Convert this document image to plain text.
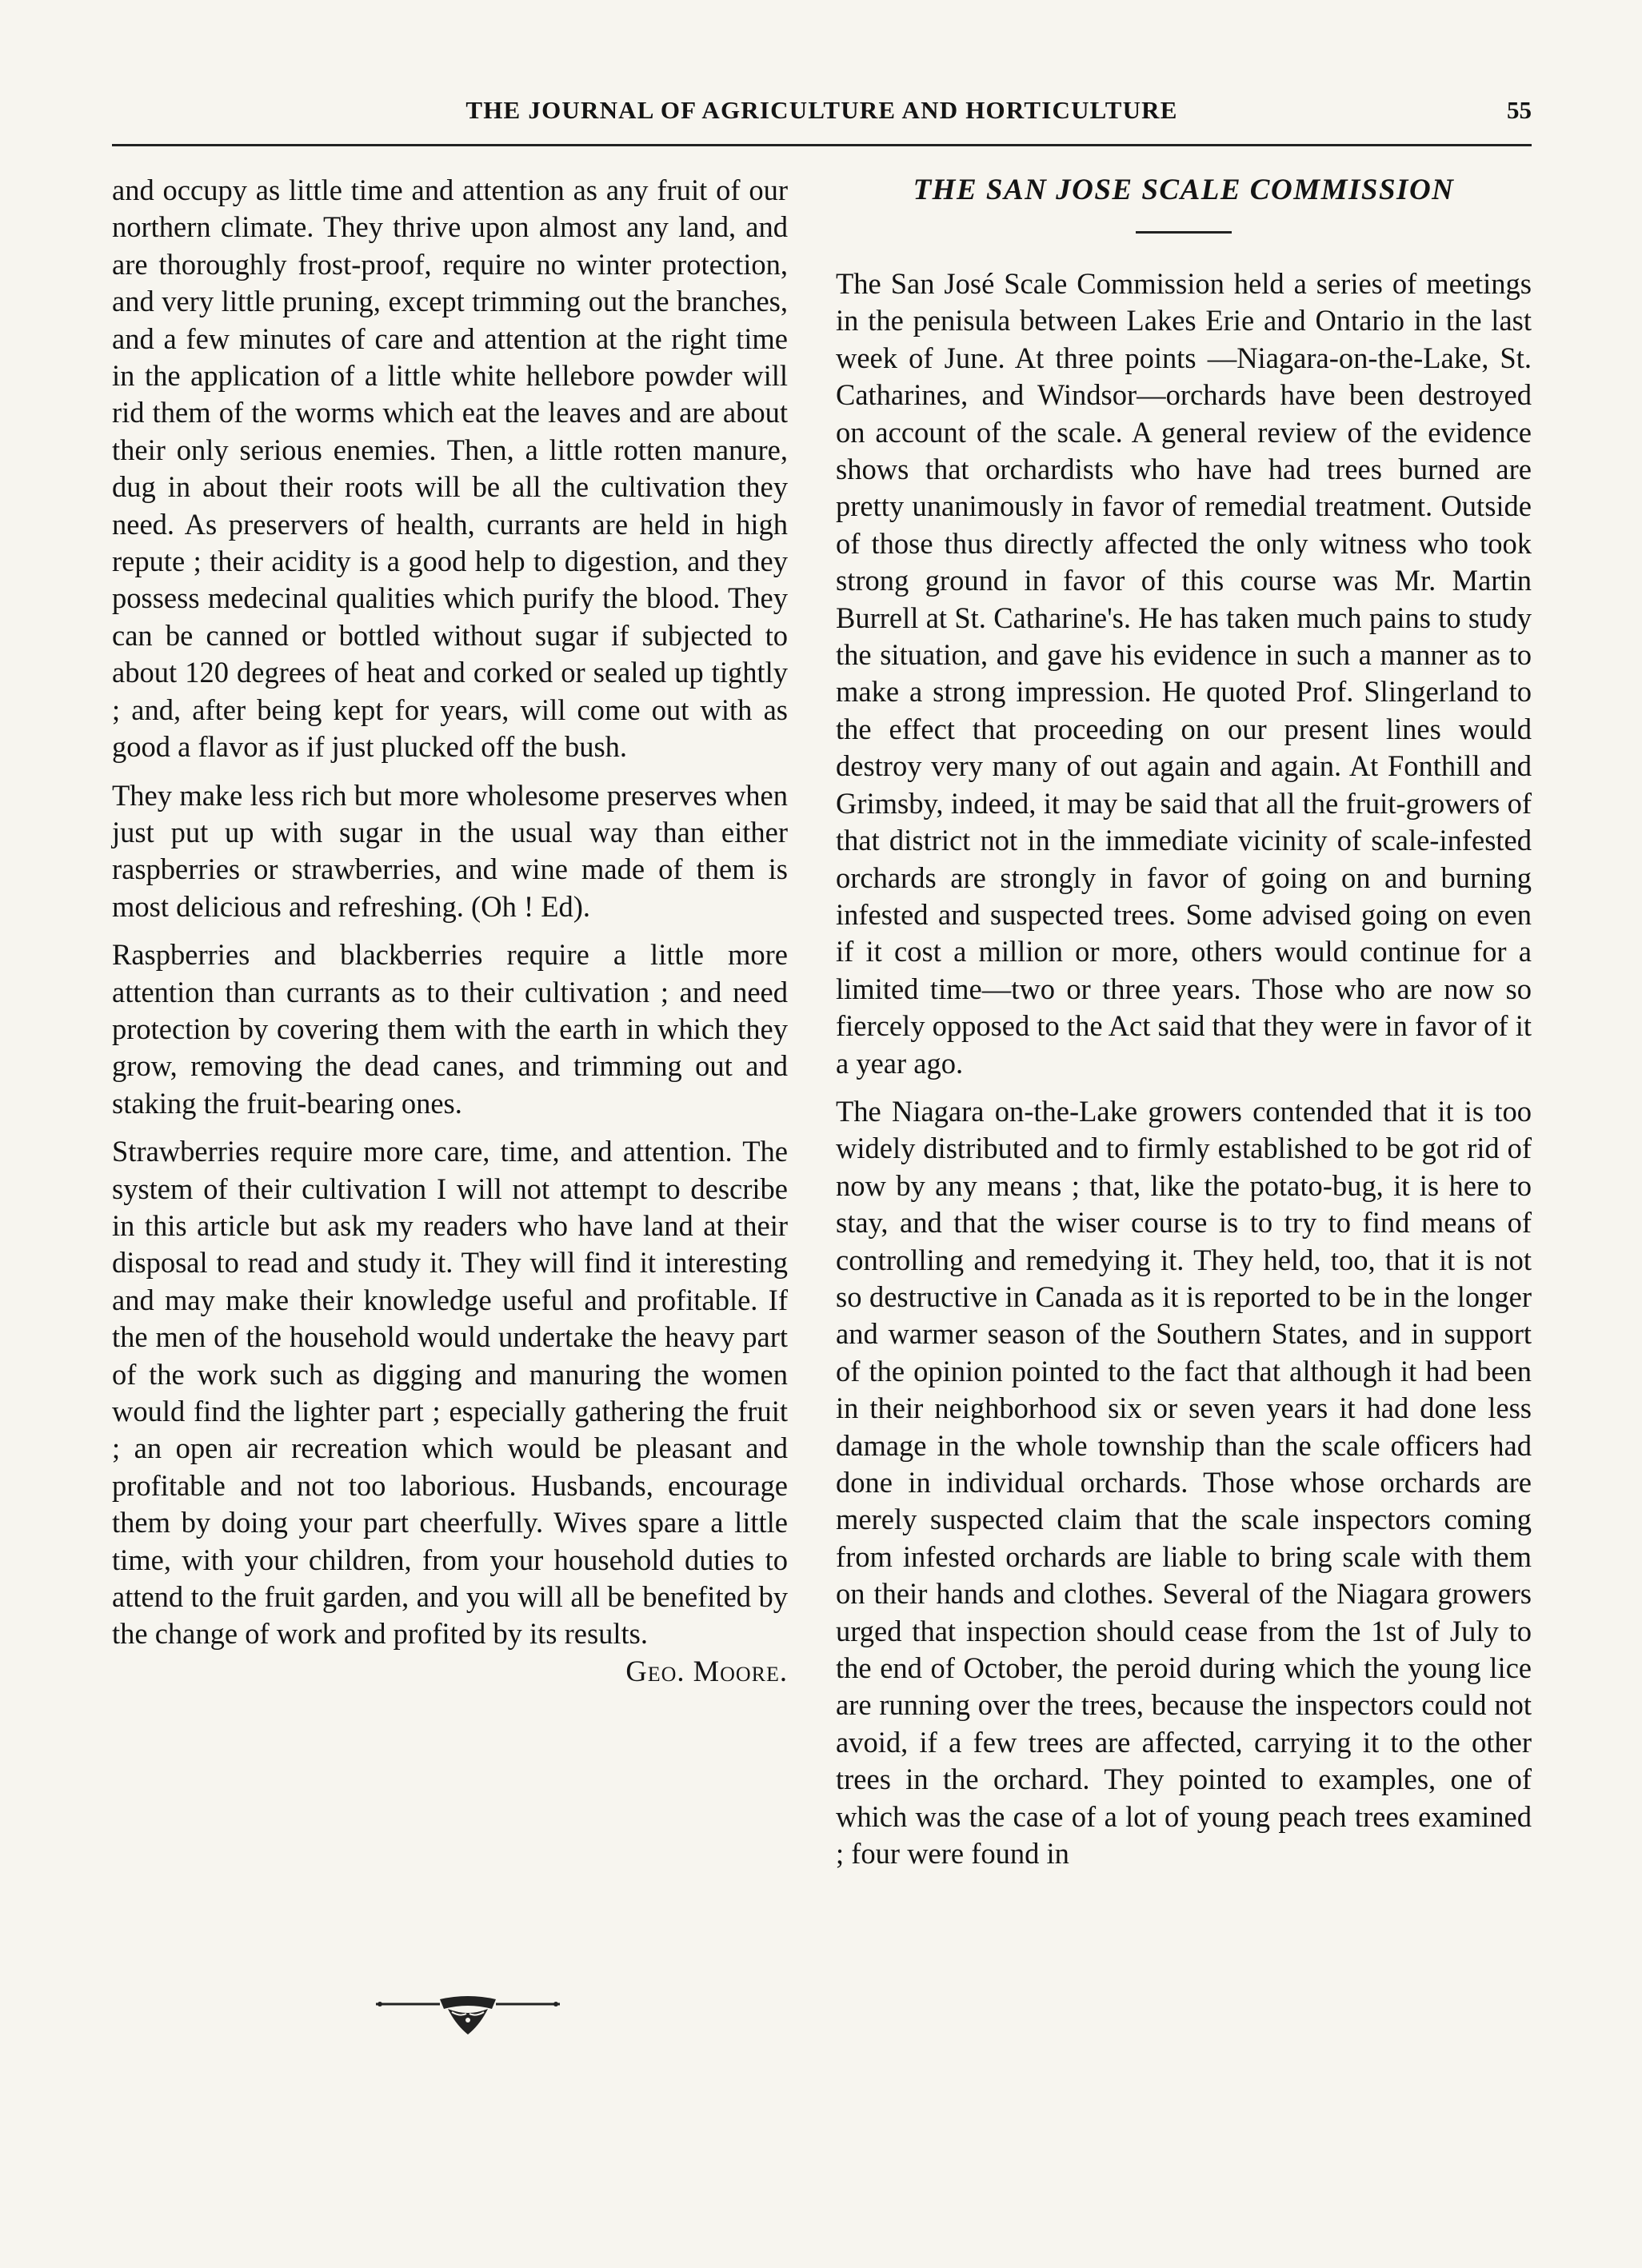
THE JOURNAL OF AGRICULTURE AND HORTICULTURE	55

and occupy as little time and attention as any fruit of our northern climate. They thrive upon almost any land, and are thoroughly frost-proof, require no winter protection, and very little pruning, except trimming out the branches, and a few minutes of care and attention at the right time in the application of a little white hellebore powder will rid them of the worms which eat the leaves and are about their only serious enemies. Then, a little rotten manure, dug in about their roots will be all the cultivation they need. As preservers of health, currants are held in high repute ; their acidity is a good help to digestion, and they possess medecinal qualities which purify the blood. They can be canned or bottled without sugar if subjected to about 120 degrees of heat and corked or sealed up tightly ; and, after being kept for years, will come out with as good a flavor as if just plucked off the bush.

They make less rich but more wholesome preserves when just put up with sugar in the usual way than either raspberries or strawberries, and wine made of them is most delicious and refreshing. (Oh ! Ed).

Raspberries and blackberries require a little more attention than currants as to their cultivation ; and need protection by covering them with the earth in which they grow, removing the dead canes, and trimming out and staking the fruit-bearing ones.

Strawberries require more care, time, and attention. The system of their cultivation I will not attempt to describe in this article but ask my readers who have land at their disposal to read and study it. They will find it interesting and may make their knowledge useful and profitable. If the men of the household would undertake the heavy part of the work such as digging and manuring the women would find the lighter part ; especially gathering the fruit ; an open air recreation which would be pleasant and profitable and not too laborious. Husbands, encourage them by doing your part cheerfully. Wives spare a little time, with your children, from your household duties to attend to the fruit garden, and you will all be benefited by the change of work and profited by its results.
Geo. Moore.

THE SAN JOSE SCALE COMMISSION

The San José Scale Commission held a series of meetings in the penisula between Lakes Erie and Ontario in the last week of June. At three points —Niagara-on-the-Lake, St. Catharines, and Windsor—orchards have been destroyed on account of the scale. A general review of the evidence shows that orchardists who have had trees burned are pretty unanimously in favor of remedial treatment. Outside of those thus directly affected the only witness who took strong ground in favor of this course was Mr. Martin Burrell at St. Catharine's. He has taken much pains to study the situation, and gave his evidence in such a manner as to make a strong impression. He quoted Prof. Slingerland to the effect that proceeding on our present lines would destroy very many of out again and again. At Fonthill and Grimsby, indeed, it may be said that all the fruit-growers of that district not in the immediate vicinity of scale-infested orchards are strongly in favor of going on and burning infested and suspected trees. Some advised going on even if it cost a million or more, others would continue for a limited time—two or three years. Those who are now so fiercely opposed to the Act said that they were in favor of it a year ago.

The Niagara on-the-Lake growers contended that it is too widely distributed and to firmly established to be got rid of now by any means ; that, like the potato-bug, it is here to stay, and that the wiser course is to try to find means of controlling and remedying it. They held, too, that it is not so destructive in Canada as it is reported to be in the longer and warmer season of the Southern States, and in support of the opinion pointed to the fact that although it had been in their neighborhood six or seven years it had done less damage in the whole township than the scale officers had done in individual orchards. Those whose orchards are merely suspected claim that the scale inspectors coming from infested orchards are liable to bring scale with them on their hands and clothes. Several of the Niagara growers urged that inspection should cease from the 1st of July to the end of October, the peroid during which the young lice are running over the trees, because the inspectors could not avoid, if a few trees are affected, carrying it to the other trees in the orchard. They pointed to examples, one of which was the case of a lot of young peach trees examined ; four were found in
